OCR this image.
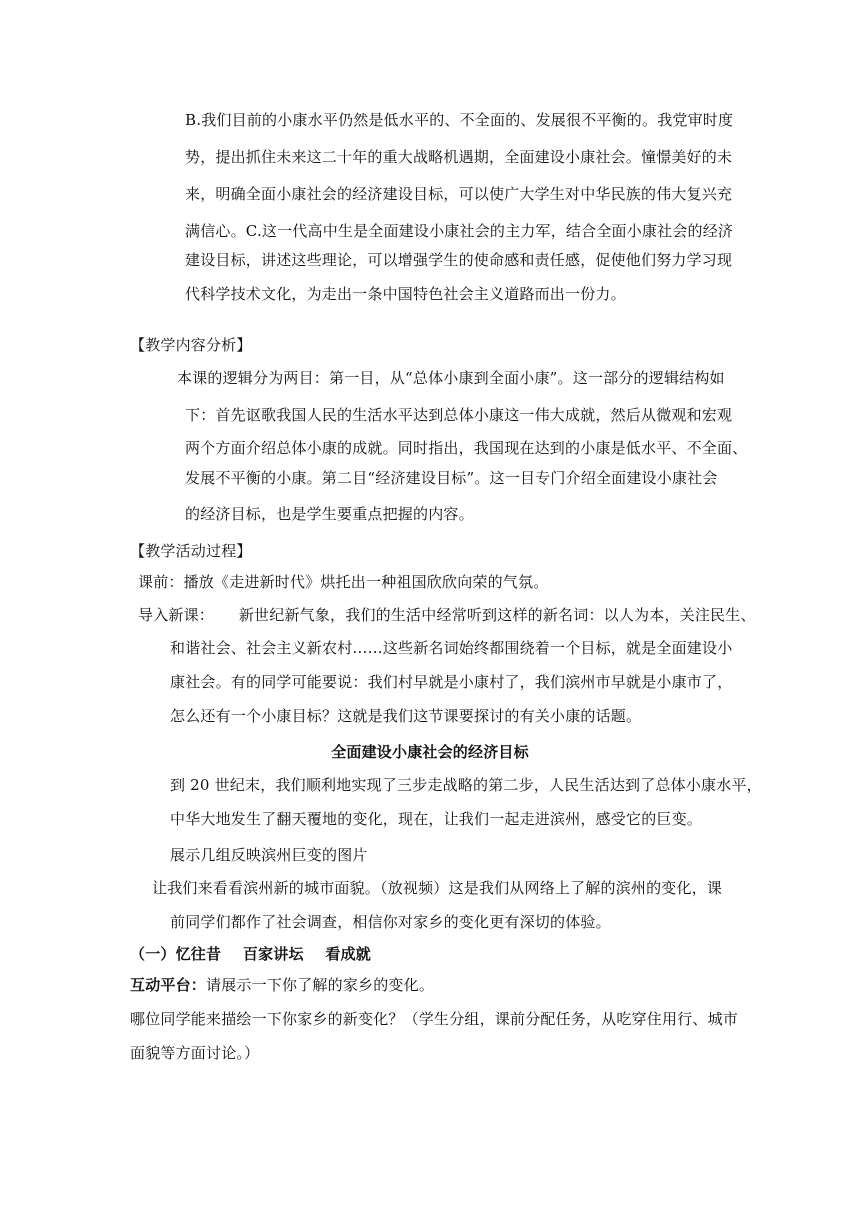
B.我们目前的小康水平仍然是低水平的、不全面的、发展很不平衡的。我党审时度
势，提出抓住未来这二十年的重大战略机遇期，全面建设小康社会。憧憬美好的未
来，明确全面小康社会的经济建设目标，可以使广大学生对中华民族的伟大复兴充
满信心。C.这一代高中生是全面建设小康社会的主力军，结合全面小康社会的经济
建设目标，讲述这些理论，可以增强学生的使命感和责任感，促使他们努力学习现
代科学技术文化，为走出一条中国特色社会主义道路而出一份力。
【教学内容分析】
本课的逻辑分为两目：第一目，从“总体小康到全面小康”。这一部分的逻辑结构如
下：首先讴歌我国人民的生活水平达到总体小康这一伟大成就，然后从微观和宏观
两个方面介绍总体小康的成就。同时指出，我国现在达到的小康是低水平、不全面、
发展不平衡的小康。第二目“经济建设目标”。这一目专门介绍全面建设小康社会
的经济目标，也是学生要重点把握的内容。
【教学活动过程】
课前：播放《走进新时代》烘托出一种祖国欣欣向荣的气氛。
导入新课：     新世纪新气象，我们的生活中经常听到这样的新名词：以人为本，关注民生、
和谐社会、社会主义新农村……这些新名词始终都围绕着一个目标，就是全面建设小
康社会。有的同学可能要说：我们村早就是小康村了，我们滨州市早就是小康市了，
怎么还有一个小康目标？这就是我们这节课要探讨的有关小康的话题。
全面建设小康社会的经济目标
到 20 世纪末，我们顺利地实现了三步走战略的第二步，人民生活达到了总体小康水平，
中华大地发生了翻天覆地的变化，现在，让我们一起走进滨州，感受它的巨变。
展示几组反映滨州巨变的图片
让我们来看看滨州新的城市面貌。（放视频）这是我们从网络上了解的滨州的变化，课
前同学们都作了社会调查，相信你对家乡的变化更有深切的体验。
（一）忆往昔    百家讲坛    看成就
互动平台：请展示一下你了解的家乡的变化。
哪位同学能来描绘一下你家乡的新变化？（学生分组，课前分配任务，从吃穿住用行、城市
面貌等方面讨论。）
